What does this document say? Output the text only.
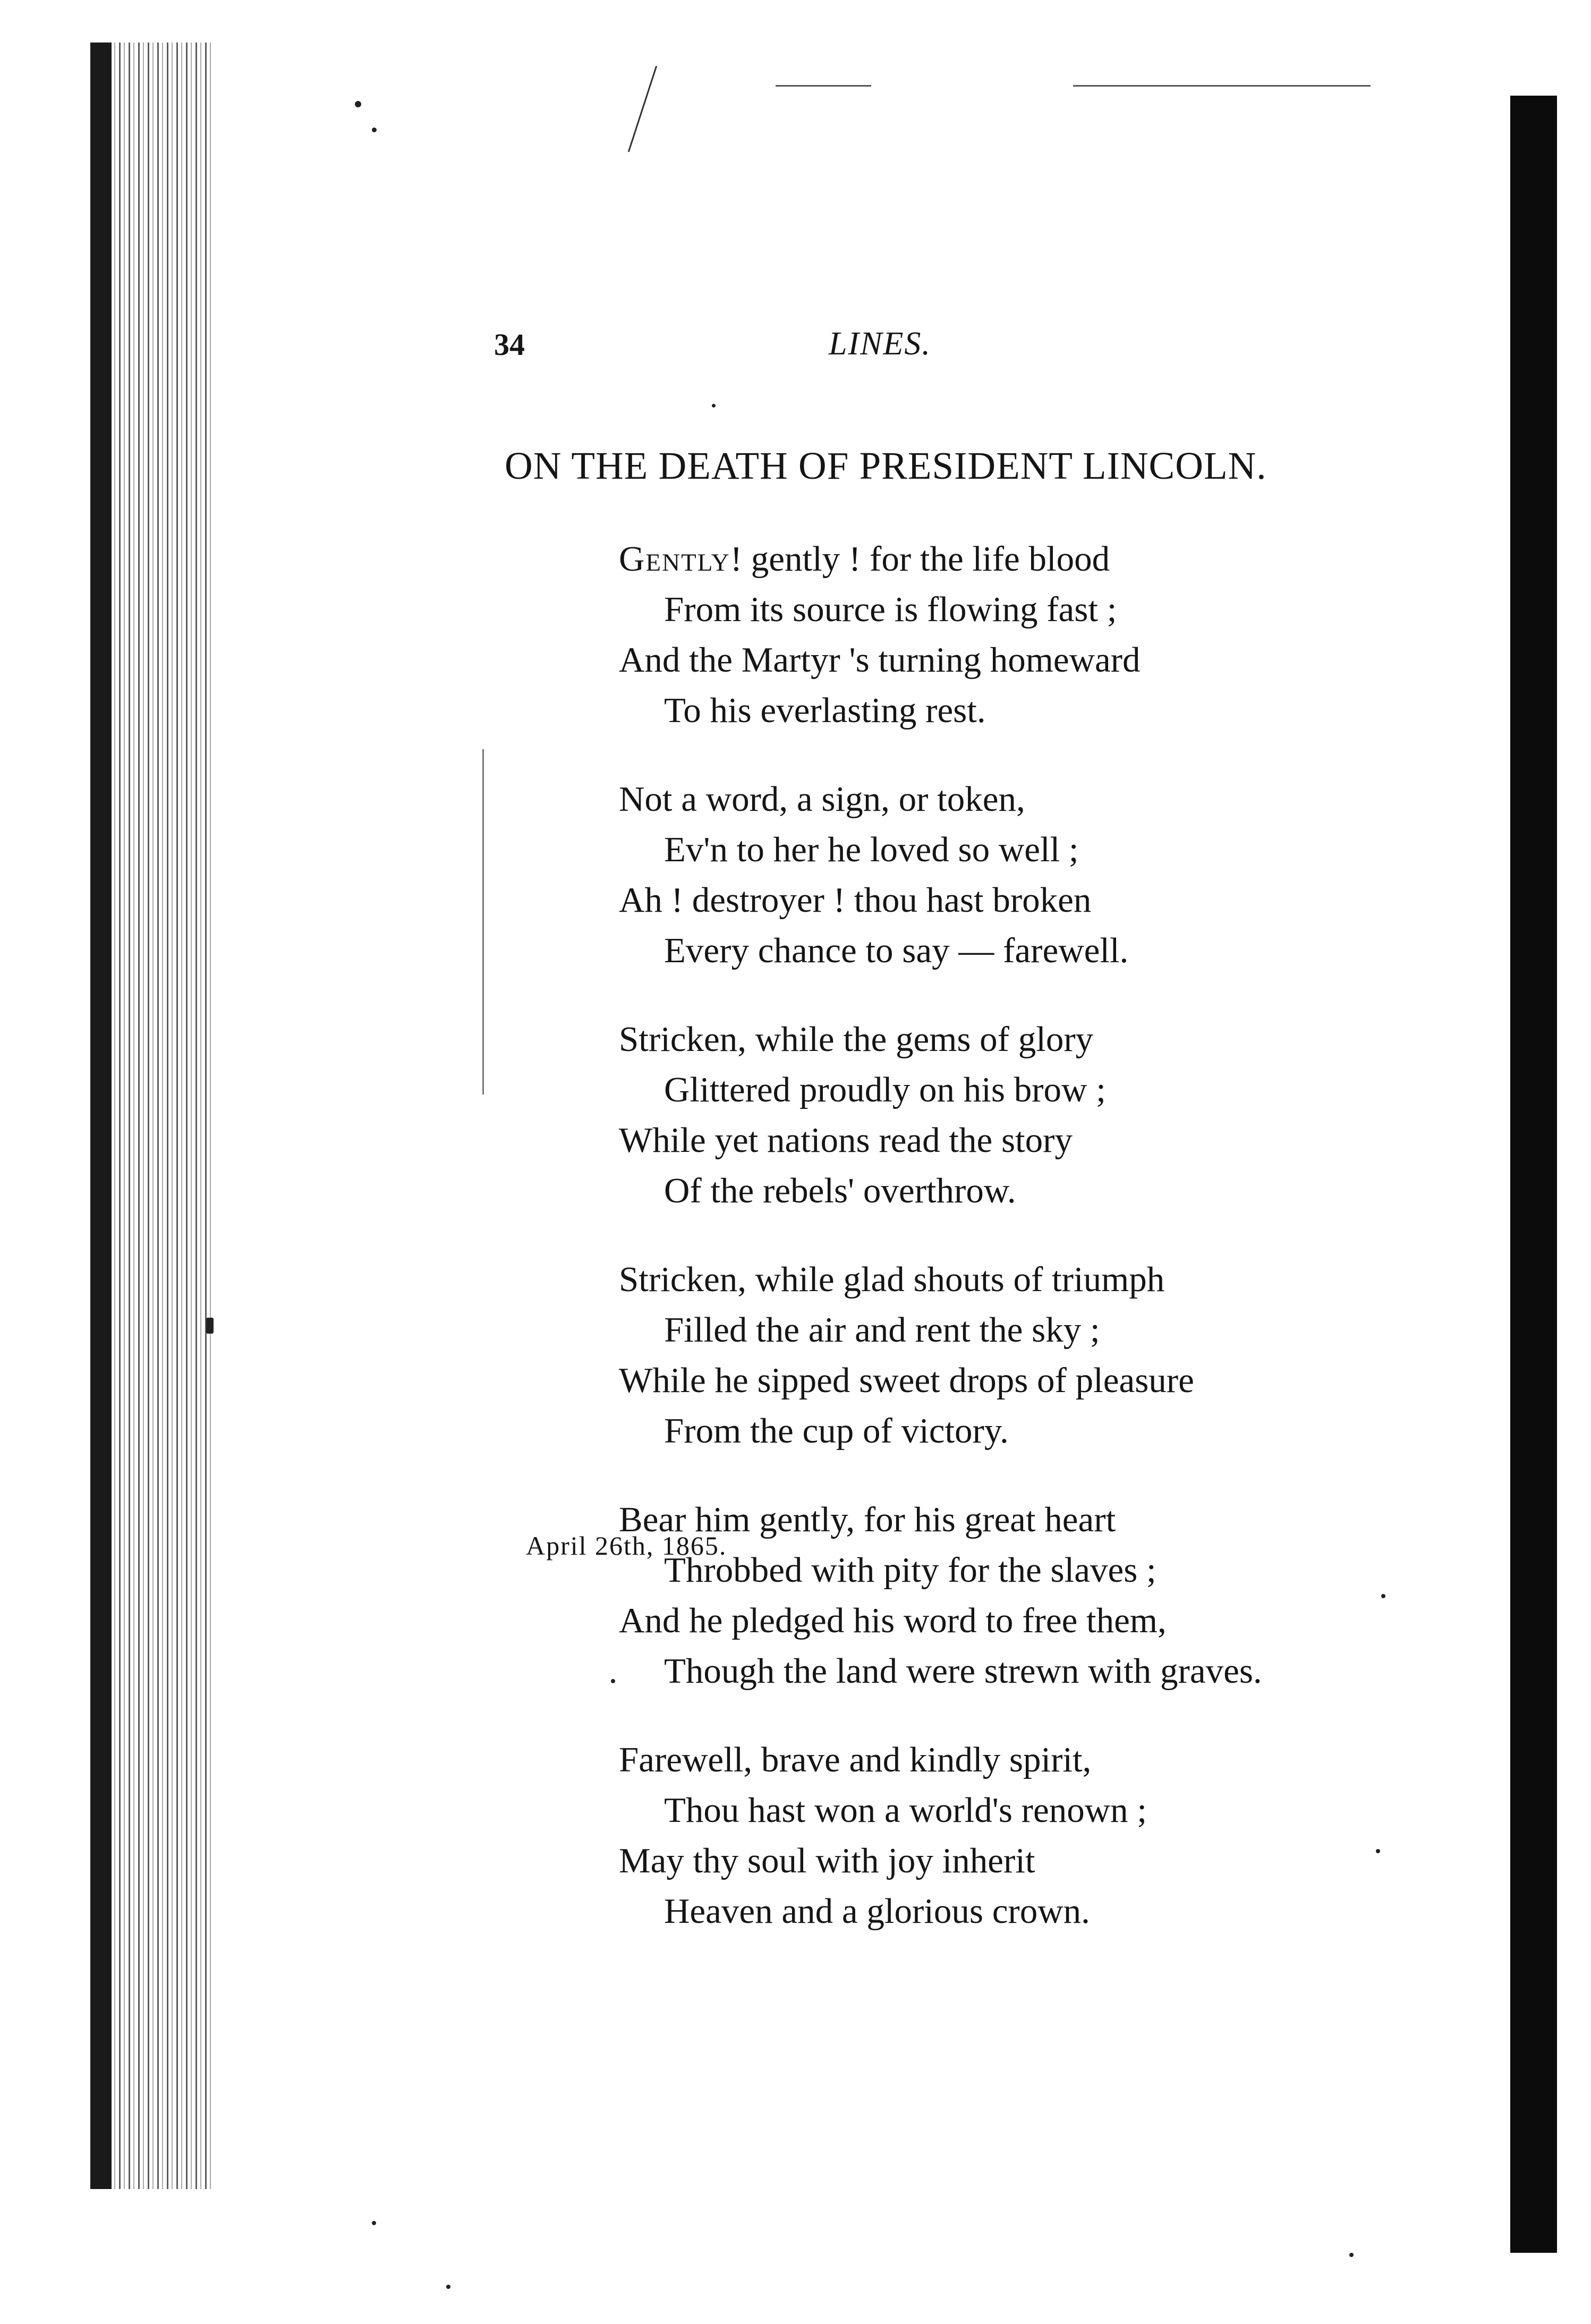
34	LINES.
ON THE DEATH OF PRESIDENT LINCOLN.
Gently! gently ! for the life blood
From its source is flowing fast ;
And the Martyr 's turning homeward
To his everlasting rest.
Not a word, a sign, or token,
Ev'n to her he loved so well ;
Ah ! destroyer ! thou hast broken
Every chance to say — farewell.
Stricken, while the gems of glory
Glittered proudly on his brow ;
While yet nations read the story
Of the rebels' overthrow.
Stricken, while glad shouts of triumph
Filled the air and rent the sky ;
While he sipped sweet drops of pleasure
From the cup of victory.
Bear him gently, for his great heart
Throbbed with pity for the slaves ;
And he pledged his word to free them,
Though the land were strewn with graves.
Farewell, brave and kindly spirit,
Thou hast won a world's renown ;
May thy soul with joy inherit
Heaven and a glorious crown.
April 26th, 1865.
